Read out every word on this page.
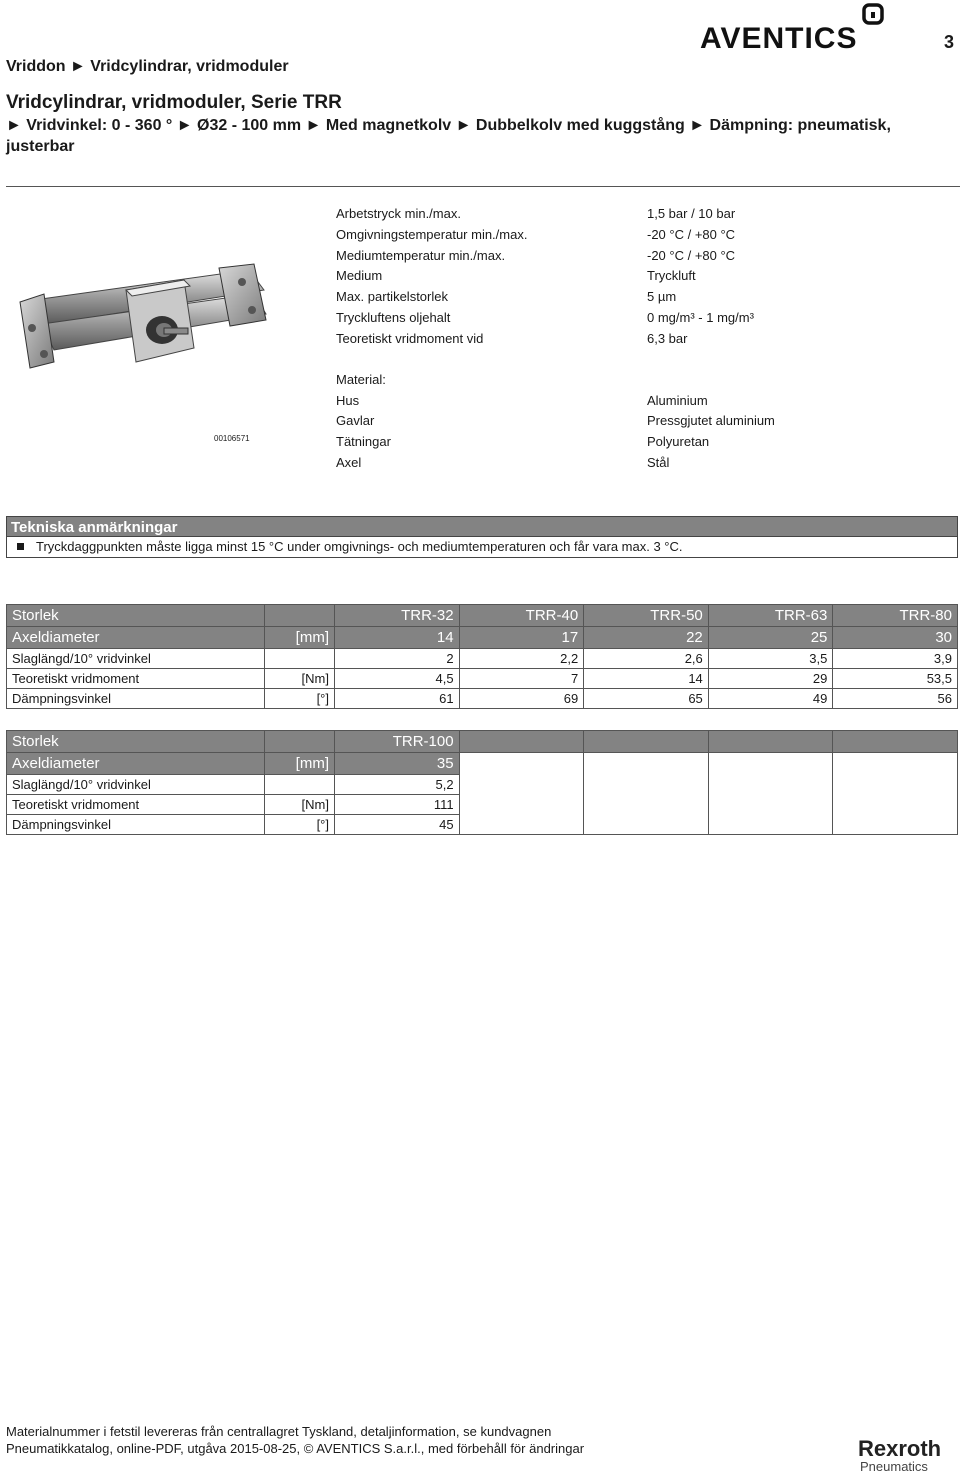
Vriddon ► Vridcylindrar, vridmoduler
AVENTICS	3
Vridcylindrar, vridmoduler, Serie TRR
► Vridvinkel: 0 - 360 ° ► Ø32 - 100 mm ► Med magnetkolv ► Dubbelkolv med kuggstång ► Dämpning: pneumatisk, justerbar
00106571
Arbetstryck min./max.	1,5 bar / 10 bar
Omgivningstemperatur min./max.	-20 °C / +80 °C
Mediumtemperatur min./max.	-20 °C / +80 °C
Medium	Tryckluft
Max. partikelstorlek	5 µm
Tryckluftens oljehalt	0 mg/m³ - 1 mg/m³
Teoretiskt vridmoment vid	6,3 bar
Material:
Hus	Aluminium
Gavlar	Pressgjutet aluminium
Tätningar	Polyuretan
Axel	Stål
Tekniska anmärkningar
Tryckdaggpunkten måste ligga minst 15 °C under omgivnings- och mediumtemperaturen och får vara max. 3 °C.
Storlek		TRR-32	TRR-40	TRR-50	TRR-63	TRR-80
Axeldiameter	[mm]	14	17	22	25	30
Slaglängd/10° vridvinkel		2	2,2	2,6	3,5	3,9
Teoretiskt vridmoment	[Nm]	4,5	7	14	29	53,5
Dämpningsvinkel	[°]	61	69	65	49	56
Storlek		TRR-100				
Axeldiameter	[mm]	35				
Slaglängd/10° vridvinkel		5,2				
Teoretiskt vridmoment	[Nm]	111				
Dämpningsvinkel	[°]	45				
Materialnummer i fetstil levereras från centrallagret Tyskland, detaljinformation, se kundvagnen
Pneumatikkatalog, online-PDF, utgåva 2015-08-25, © AVENTICS S.a.r.l., med förbehåll för ändringar	Rexroth
Pneumatics
